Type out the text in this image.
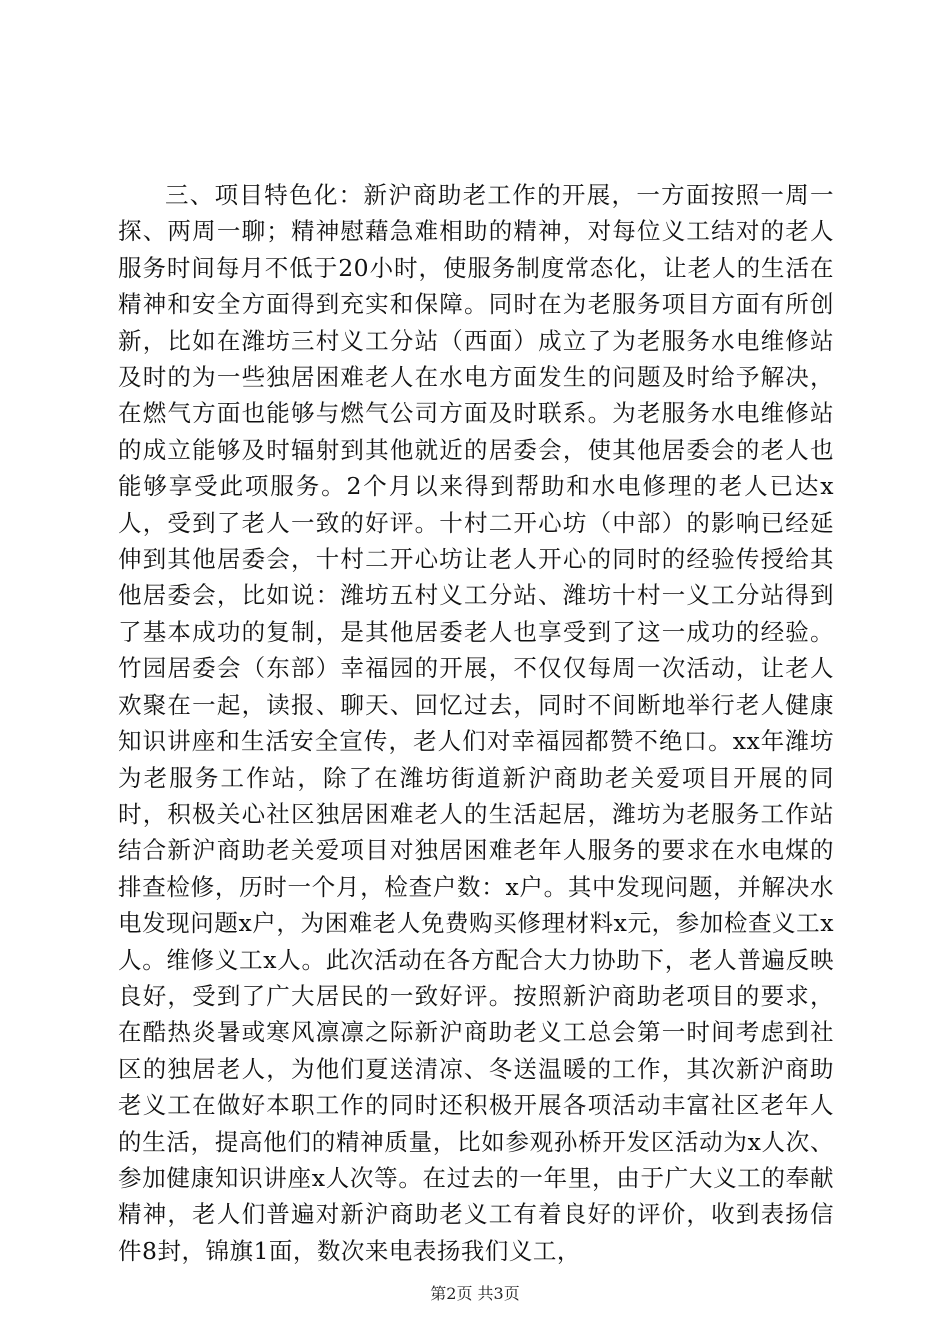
三、项目特色化：新沪商助老工作的开展，一方面按照一周一探、两周一聊；精神慰藉急难相助的精神，对每位义工结对的老人服务时间每月不低于20小时，使服务制度常态化，让老人的生活在精神和安全方面得到充实和保障。同时在为老服务项目方面有所创新，比如在潍坊三村义工分站（西面）成立了为老服务水电维修站及时的为一些独居困难老人在水电方面发生的问题及时给予解决，在燃气方面也能够与燃气公司方面及时联系。为老服务水电维修站的成立能够及时辐射到其他就近的居委会，使其他居委会的老人也能够享受此项服务。2个月以来得到帮助和水电修理的老人已达x人，受到了老人一致的好评。十村二开心坊（中部）的影响已经延伸到其他居委会，十村二开心坊让老人开心的同时的经验传授给其他居委会，比如说：潍坊五村义工分站、潍坊十村一义工分站得到了基本成功的复制，是其他居委老人也享受到了这一成功的经验。竹园居委会（东部）幸福园的开展，不仅仅每周一次活动，让老人欢聚在一起，读报、聊天、回忆过去，同时不间断地举行老人健康知识讲座和生活安全宣传，老人们对幸福园都赞不绝口。xx年潍坊为老服务工作站，除了在潍坊街道新沪商助老关爱项目开展的同时，积极关心社区独居困难老人的生活起居，潍坊为老服务工作站结合新沪商助老关爱项目对独居困难老年人服务的要求在水电煤的排查检修，历时一个月，检查户数：x户。其中发现问题，并解决水电发现问题x户，为困难老人免费购买修理材料x元，参加检查义工x人。维修义工x人。此次活动在各方配合大力协助下，老人普遍反映良好，受到了广大居民的一致好评。按照新沪商助老项目的要求，在酷热炎暑或寒风凛凛之际新沪商助老义工总会第一时间考虑到社区的独居老人，为他们夏送清凉、冬送温暖的工作，其次新沪商助老义工在做好本职工作的同时还积极开展各项活动丰富社区老年人的生活，提高他们的精神质量，比如参观孙桥开发区活动为x人次、参加健康知识讲座x人次等。在过去的一年里，由于广大义工的奉献精神，老人们普遍对新沪商助老义工有着良好的评价，收到表扬信件8封，锦旗1面，数次来电表扬我们义工，

第2页 共3页
